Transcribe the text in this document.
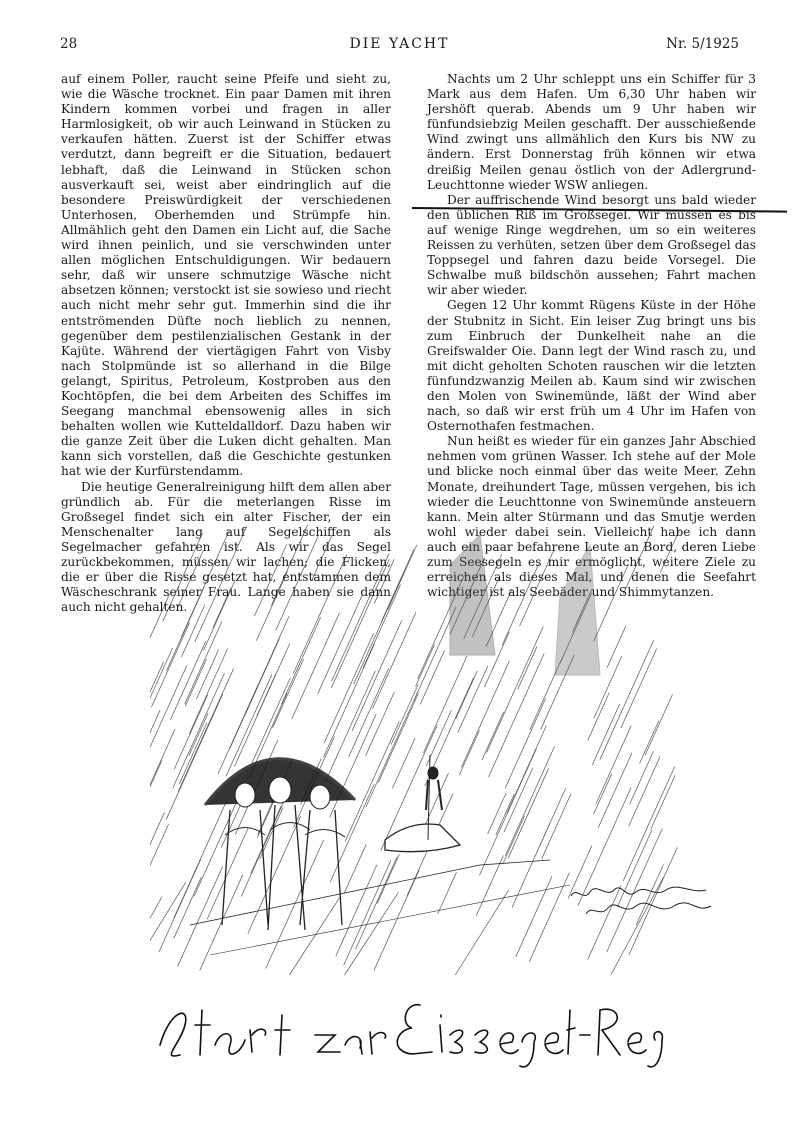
28	DIE YACHT	Nr. 5/1925

auf einem Poller, raucht seine Pfeife und sieht zu, wie die Wäsche trocknet. Ein paar Damen mit ihren Kindern kommen vorbei und fragen in aller Harmlosigkeit, ob wir auch Leinwand in Stücken zu verkaufen hätten. Zuerst ist der Schiffer etwas verdutzt, dann begreift er die Situation, bedauert lebhaft, daß die Leinwand in Stücken schon ausverkauft sei, weist aber eindringlich auf die besondere Preiswürdigkeit der verschiedenen Unterhosen, Oberhemden und Strümpfe hin. Allmählich geht den Damen ein Licht auf, die Sache wird ihnen peinlich, und sie verschwinden unter allen möglichen Entschuldigungen. Wir bedauern sehr, daß wir unsere schmutzige Wäsche nicht absetzen können; verstockt ist sie sowieso und riecht auch nicht mehr sehr gut. Immerhin sind die ihr entströmenden Düfte noch lieblich zu nennen, gegenüber dem pestilenzialischen Gestank in der Kajüte. Während der viertägigen Fahrt von Visby nach Stolpmünde ist so allerhand in die Bilge gelangt, Spiritus, Petroleum, Kostproben aus den Kochtöpfen, die bei dem Arbeiten des Schiffes im Seegang manchmal ebensowenig alles in sich behalten wollen wie Kutteldalldorf. Dazu haben wir die ganze Zeit über die Luken dicht gehalten. Man kann sich vorstellen, daß die Geschichte gestunken hat wie der Kurfürstendamm.

Die heutige Generalreinigung hilft dem allen aber gründlich ab. Für die meterlangen Risse im Großsegel findet sich ein alter Fischer, der ein Menschenalter lang auf Segelschiffen als Segelmacher gefahren ist. Als wir das Segel zurückbekommen, müssen wir lachen; die Flicken, die er über die Risse gesetzt hat, entstammen dem Wäscheschrank seiner Frau. Lange haben sie dann auch nicht gehalten.

Nachts um 2 Uhr schleppt uns ein Schiffer für 3 Mark aus dem Hafen. Um 6,30 Uhr haben wir Jershöft querab. Abends um 9 Uhr haben wir fünfundsiebzig Meilen geschafft. Der ausschießende Wind zwingt uns allmählich den Kurs bis NW zu ändern. Erst Donnerstag früh können wir etwa dreißig Meilen genau östlich von der Adlergrund-Leuchttonne wieder WSW anliegen.

Der auffrischende Wind besorgt uns bald wieder den üblichen Riß im Großsegel. Wir müssen es bis auf wenige Ringe wegdrehen, um so ein weiteres Reissen zu verhüten, setzen über dem Großsegel das Toppsegel und fahren dazu beide Vorsegel. Die Schwalbe muß bildschön aussehen; Fahrt machen wir aber wieder.

Gegen 12 Uhr kommt Rügens Küste in der Höhe der Stubnitz in Sicht. Ein leiser Zug bringt uns bis zum Einbruch der Dunkelheit nahe an die Greifswalder Oie. Dann legt der Wind rasch zu, und mit dicht geholten Schoten rauschen wir die letzten fünfundzwanzig Meilen ab. Kaum sind wir zwischen den Molen von Swinemünde, läßt der Wind aber nach, so daß wir erst früh um 4 Uhr im Hafen von Osternothafen festmachen.

Nun heißt es wieder für ein ganzes Jahr Abschied nehmen vom grünen Wasser. Ich stehe auf der Mole und blicke noch einmal über das weite Meer. Zehn Monate, dreihundert Tage, müssen vergehen, bis ich wieder die Leuchttonne von Swinemünde ansteuern kann. Mein alter Stürmann und das Smutje werden wohl wieder dabei sein. Vielleicht habe ich dann auch ein paar befahrene Leute an Bord, deren Liebe zum Seesegeln es mir ermöglicht, weitere Ziele zu erreichen als dieses Mal, und denen die Seefahrt wichtiger ist als Seebäder und Shimmytanzen.
